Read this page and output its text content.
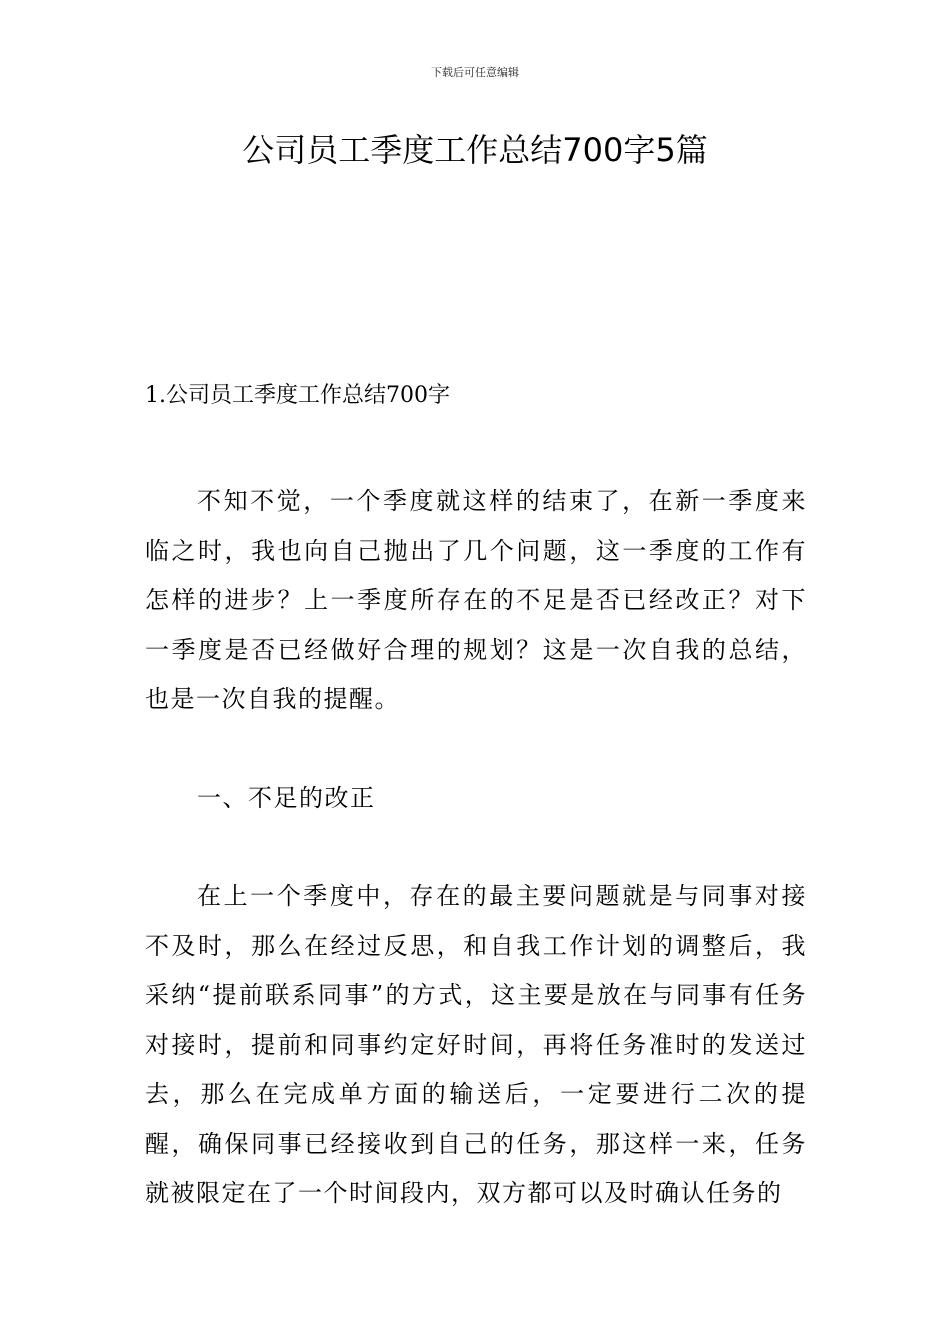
下载后可任意编辑
公司员工季度工作总结700字5篇
1.公司员工季度工作总结700字

不知不觉，一个季度就这样的结束了，在新一季度来临之时，我也向自己抛出了几个问题，这一季度的工作有怎样的进步？上一季度所存在的不足是否已经改正？对下一季度是否已经做好合理的规划？这是一次自我的总结，也是一次自我的提醒。

一、不足的改正

在上一个季度中，存在的最主要问题就是与同事对接不及时，那么在经过反思，和自我工作计划的调整后，我采纳“提前联系同事”的方式，这主要是放在与同事有任务对接时，提前和同事约定好时间，再将任务准时的发送过去，那么在完成单方面的输送后，一定要进行二次的提醒，确保同事已经接收到自己的任务，那这样一来，任务就被限定在了一个时间段内，双方都可以及时确认任务的
